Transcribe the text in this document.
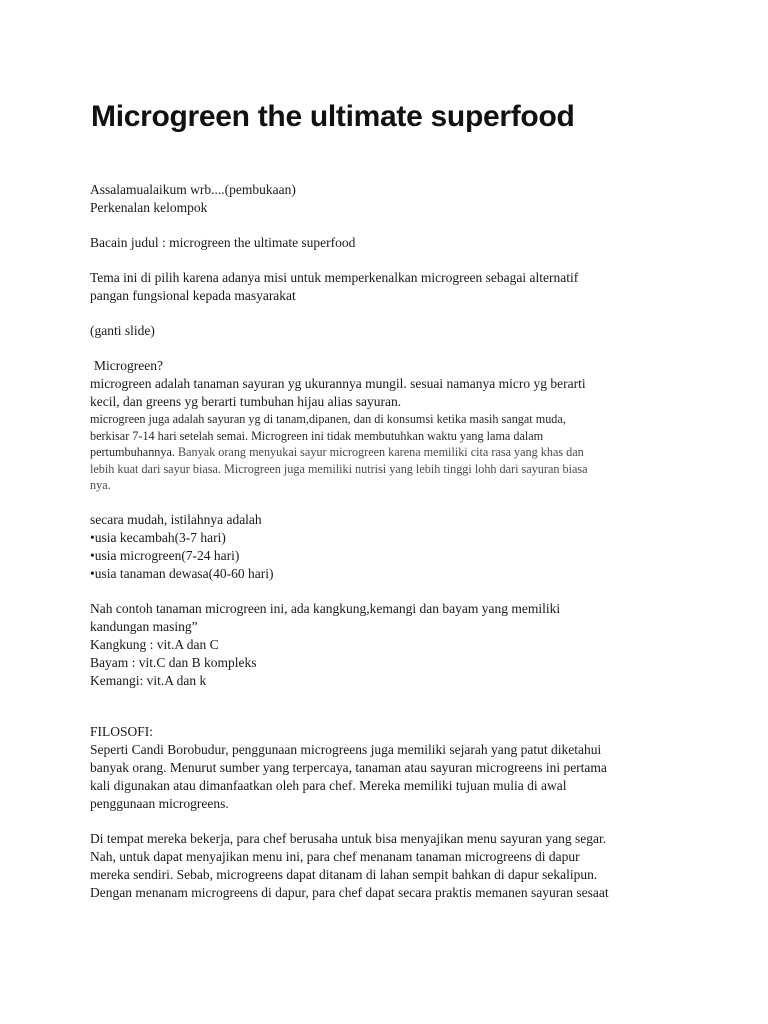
Microgreen the ultimate superfood
Assalamualaikum wrb....(pembukaan)
Perkenalan kelompok
Bacain judul : microgreen the ultimate superfood
Tema ini di pilih karena adanya misi untuk memperkenalkan microgreen sebagai alternatif
pangan fungsional kepada masyarakat
(ganti slide)
Microgreen?
microgreen adalah tanaman sayuran yg ukurannya mungil. sesuai namanya micro yg berarti
kecil, dan greens yg berarti tumbuhan hijau alias sayuran.
microgreen juga adalah sayuran yg di tanam,dipanen, dan di konsumsi ketika masih sangat muda,
berkisar 7-14 hari setelah semai. Microgreen ini tidak membutuhkan waktu yang lama dalam
pertumbuhannya. Banyak orang menyukai sayur microgreen karena memiliki cita rasa yang khas dan
lebih kuat dari sayur biasa. Microgreen juga memiliki nutrisi yang lebih tinggi lohh dari sayuran biasa
nya.
secara mudah, istilahnya adalah
•usia kecambah(3-7 hari)
•usia microgreen(7-24 hari)
•usia tanaman dewasa(40-60 hari)
Nah contoh tanaman microgreen ini, ada kangkung,kemangi dan bayam yang memiliki
kandungan masing”
Kangkung : vit.A dan C
Bayam : vit.C dan B kompleks
Kemangi: vit.A dan k
FILOSOFI:
Seperti Candi Borobudur, penggunaan microgreens juga memiliki sejarah yang patut diketahui
banyak orang. Menurut sumber yang terpercaya, tanaman atau sayuran microgreens ini pertama
kali digunakan atau dimanfaatkan oleh para chef. Mereka memiliki tujuan mulia di awal
penggunaan microgreens.
Di tempat mereka bekerja, para chef berusaha untuk bisa menyajikan menu sayuran yang segar.
Nah, untuk dapat menyajikan menu ini, para chef menanam tanaman microgreens di dapur
mereka sendiri. Sebab, microgreens dapat ditanam di lahan sempit bahkan di dapur sekalipun.
Dengan menanam microgreens di dapur, para chef dapat secara praktis memanen sayuran sesaat
